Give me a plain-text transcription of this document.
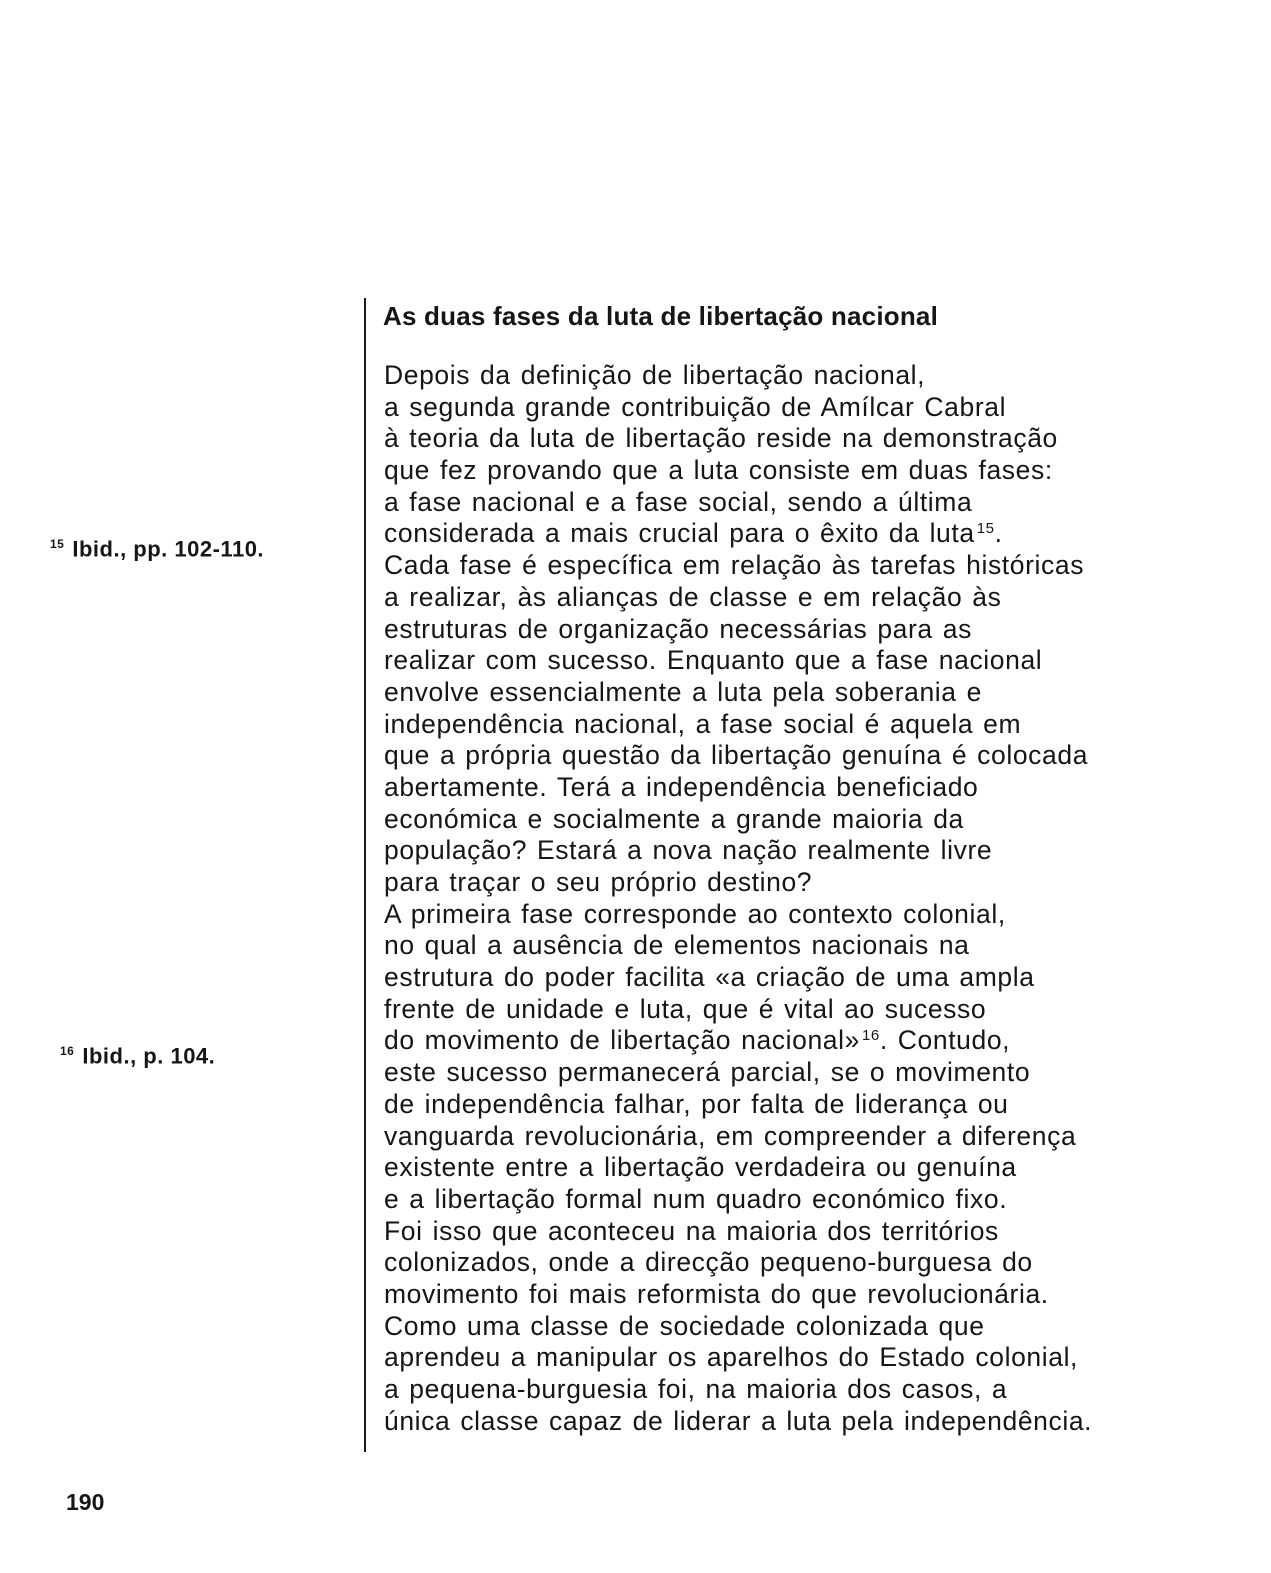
As duas fases da luta de libertação nacional
Depois da definição de libertação nacional,
a segunda grande contribuição de Amílcar Cabral
à teoria da luta de libertação reside na demonstração
que fez provando que a luta consiste em duas fases:
a fase nacional e a fase social, sendo a última
considerada a mais crucial para o êxito da luta $^{15}$.
Cada fase é específica em relação às tarefas históricas
a realizar, às alianças de classe e em relação às
estruturas de organização necessárias para as
realizar com sucesso. Enquanto que a fase nacional
envolve essencialmente a luta pela soberania e
independência nacional, a fase social é aquela em
que a própria questão da libertação genuína é colocada
abertamente. Terá a independência beneficiado
económica e socialmente a grande maioria da
população? Estará a nova nação realmente livre
para traçar o seu próprio destino?
A primeira fase corresponde ao contexto colonial,
no qual a ausência de elementos nacionais na
estrutura do poder facilita «a criação de uma ampla
frente de unidade e luta, que é vital ao sucesso
do movimento de libertação nacional» $^{16}$. Contudo,
este sucesso permanecerá parcial, se o movimento
de independência falhar, por falta de liderança ou
vanguarda revolucionária, em compreender a diferença
existente entre a libertação verdadeira ou genuína
e a libertação formal num quadro económico fixo.
Foi isso que aconteceu na maioria dos territórios
colonizados, onde a direcção pequeno-burguesa do
movimento foi mais reformista do que revolucionária.
Como uma classe de sociedade colonizada que
aprendeu a manipular os aparelhos do Estado colonial,
a pequena-burguesia foi, na maioria dos casos, a
única classe capaz de liderar a luta pela independência.
$^{15}$ Ibid., pp. 102-110.
$^{16}$ Ibid., p. 104.
190
